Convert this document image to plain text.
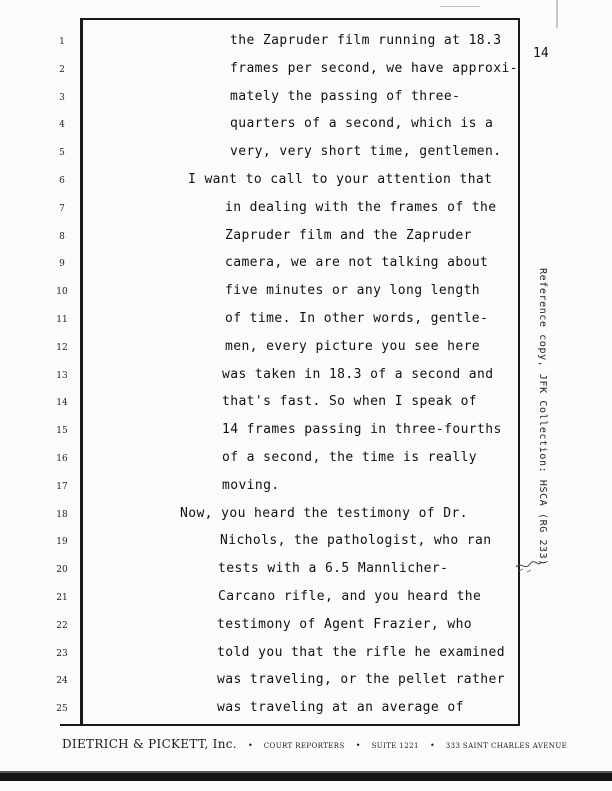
14
1
2
3
4
5
6
7
8
9
10
11
12
13
14
15
16
17
18
19
20
21
22
23
24
25
the Zapruder film running at 18.3
frames per second, we have approxi-
mately the passing of three-
quarters of a second, which is a
very, very short time, gentlemen.
I want to call to your attention that
in dealing with the frames of the
Zapruder film and the Zapruder
camera, we are not talking about
five minutes or any long length
of time. In other words, gentle-
men, every picture you see here
was taken in 18.3 of a second and
that's fast. So when I speak of
14 frames passing in three-fourths
of a second, the time is really
moving.
Now, you heard the testimony of Dr.
Nichols, the pathologist, who ran
tests with a 6.5 Mannlicher-
Carcano rifle, and you heard the
testimony of Agent Frazier, who
told you that the rifle he examined
was traveling, or the pellet rather
was traveling at an average of
Reference copy, JFK Collection: HSCA (RG 233)
DIETRICH & PICKETT, Inc. • COURT REPORTERS • SUITE 1221 • 333 SAINT CHARLES AVENUE
